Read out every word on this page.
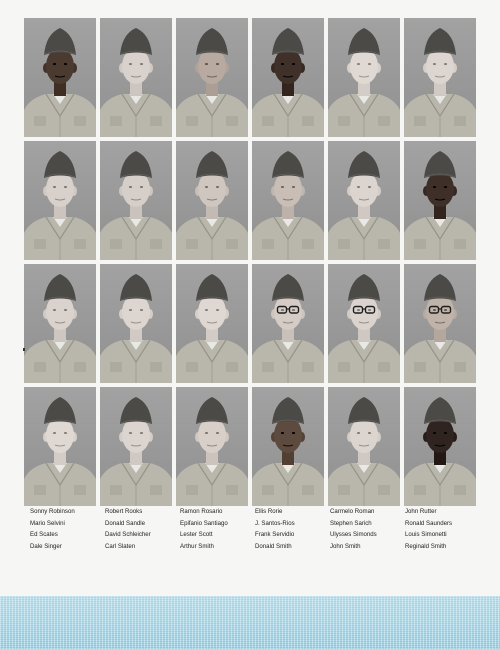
Sonny Robinson
Mario Selvini
Ed Scates
Dale Singer
Robert Rooks
Donald Sandle
David Schleicher
Carl Slaten
Ramon Rosario
Epifanio Santiago
Lester Scott
Arthur Smith
Ellis Rorie
J. Santos-Rios
Frank Servidio
Donald Smith
Carmelo Roman
Stephen Sarich
Ulysses Simonds
John Smith
John Rutter
Ronald Saunders
Louis Simonetti
Reginald Smith
